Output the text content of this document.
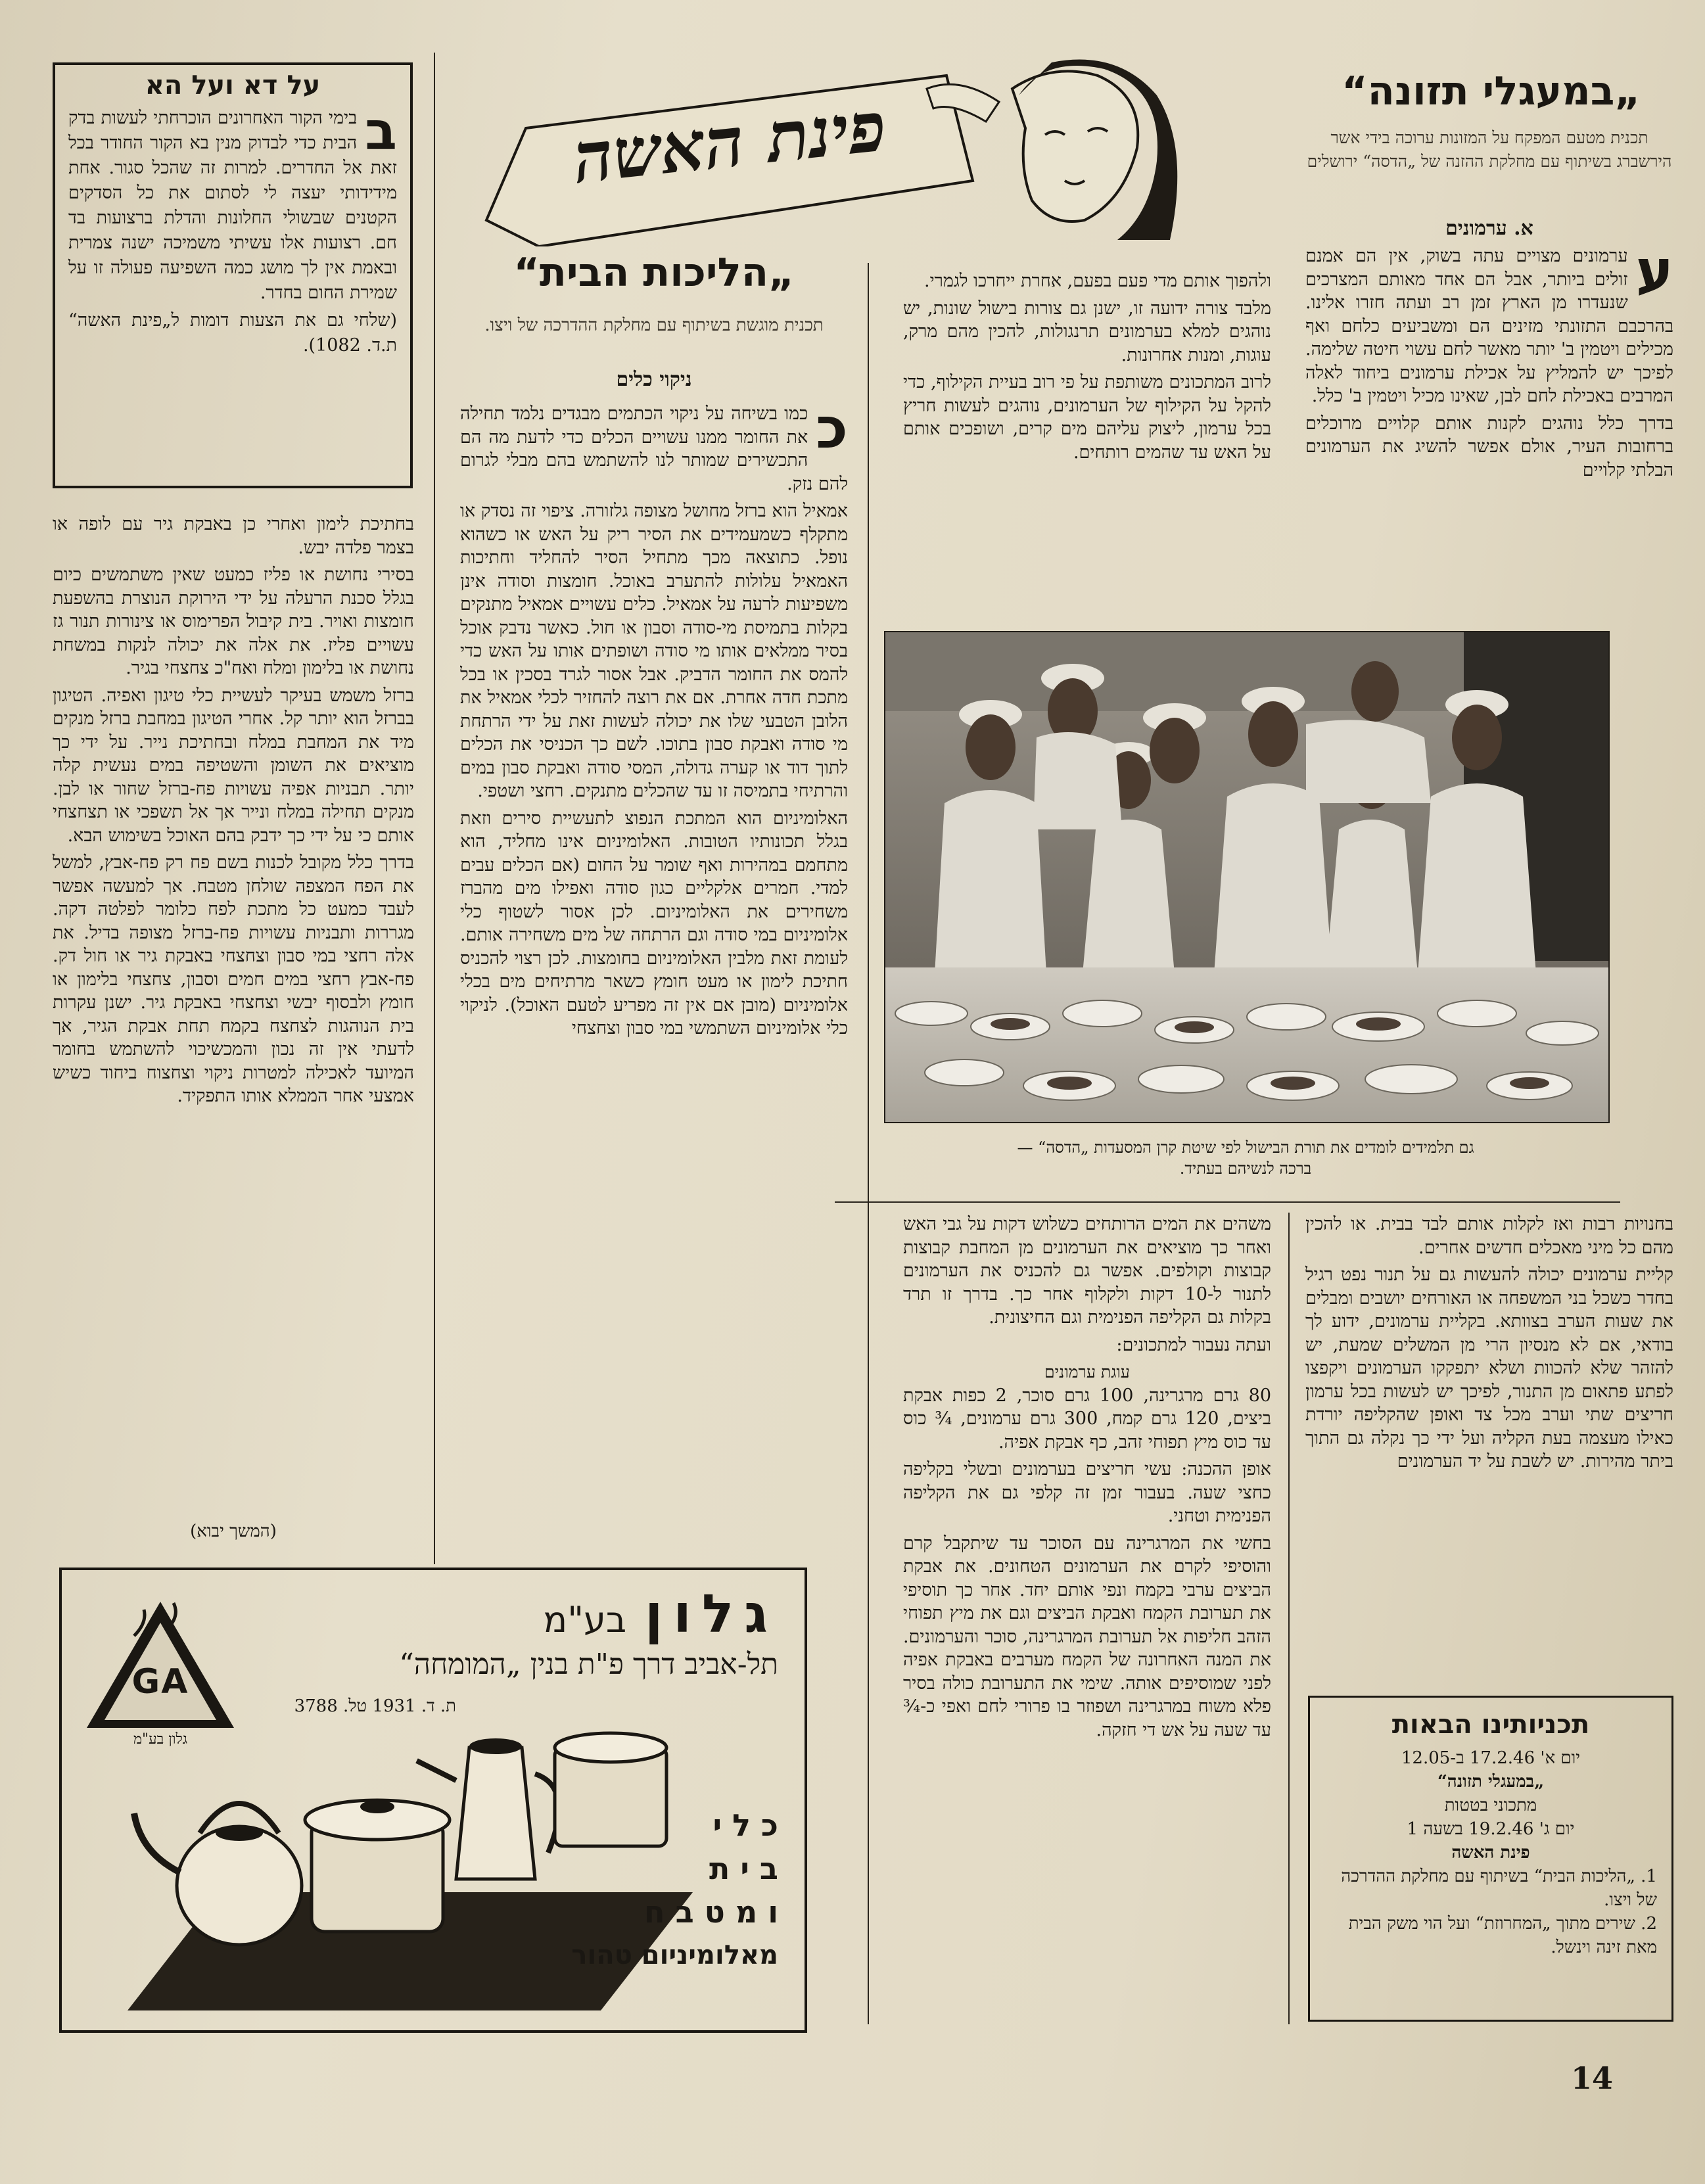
„במעגלי תזונה“
תכנית מטעם המפקח על המזונות ערוכה בידי אשר הירשברג בשיתוף עם מחלקת ההזנה של „הדסה“ ירושלים
א. ערמונים
ע

ערמונים מצויים עתה בשוק, אין הם אמנם זולים ביותר, אבל הם אחד מאותם המצרכים שנעדרו מן הארץ זמן רב ועתה חזרו אלינו. בהרכבם התזונתי מזינים הם ומשביעים כלחם ואף מכילים ויטמין ב' יותר מאשר לחם עשוי חיטה שלימה. לפיכך יש להמליץ על אכילת ערמונים ביחוד לאלה המרבים באכילת לחם לבן, שאינו מכיל ויטמין ב' כלל.

בדרך כלל נוהגים לקנות אותם קלויים מרוכלים ברחובות העיר, אולם אפשר להשיג את הערמונים הבלתי קלויים

ולהפוך אותם מדי פעם בפעם, אחרת ייחרכו לגמרי.

מלבד צורה ידועה זו, ישנן גם צורות בישול שונות, יש נוהגים למלא בערמונים תרנגולות, להכין מהם מרק, עוגות, ומנות אחרונות.

לרוב המתכונים משותפת על פי רוב בעיית הקילוף, כדי להקל על הקילוף של הערמונים, נוהגים לעשות חריץ בכל ערמון, ליצוק עליהם מים קרים, ושופכים אותם על האש עד שהמים רותחים.

גם תלמידים לומדים את תורת הבישול לפי שיטת קרן המסעדות „הדסה“ —
ברכה לנשיהם בעתיד.

בחנויות רבות ואז לקלות אותם לבד בבית. או להכין מהם כל מיני מאכלים חדשים אחרים.

קליית ערמונים יכולה להעשות גם על תנור נפט רגיל בחדר כשכל בני המשפחה או האורחים יושבים ומבלים את שעות הערב בצוותא. בקליית ערמונים, ידוע לך בודאי, אם לא מנסיון הרי מן המשלים שמעת, יש להזהר שלא להכוות ושלא יתפקקו הערמונים ויקפצו לפתע פתאום מן התנור, לפיכך יש לעשות בכל ערמון חריצים שתי וערב מכל צד ואופן שהקליפה יורדת כאילו מעצמה בעת הקליה ועל ידי כך נקלה גם התוך ביתר מהירות. יש לשבת על יד הערמונים

משהים את המים הרותחים כשלוש דקות על גבי האש ואחר כך מוציאים את הערמונים מן המחבת קבוצות קבוצות וקולפים. אפשר גם להכניס את הערמונים לתנור ל-10 דקות ולקלוף אחר כך. בדרך זו תרד בקלות גם הקליפה הפנימית וגם החיצונית.

ועתה נעבור למתכונים:

עוגת ערמונים

80 גרם מרגרינה, 100 גרם סוכר, 2 כפות אבקת ביצים, 120 גרם קמח, 300 גרם ערמונים, ¾ כוס עד כוס מיץ תפוחי זהב, כף אבקת אפיה.

אופן ההכנה: עשי חריצים בערמונים ובשלי בקליפה כחצי שעה. בעבור זמן זה קלפי גם את הקליפה הפנימית וטחני.

בחשי את המרגרינה עם הסוכר עד שיתקבל קרם והוסיפי לקרם את הערמונים הטחונים. את אבקת הביצים ערבי בקמח ונפי אותם יחד. אחר כך תוסיפי את תערובת הקמח ואבקת הביצים וגם את מיץ תפוחי הזהב חליפות אל תערובת המרגרינה, סוכר והערמונים. את המנה האחרונה של הקמח מערבים באבקת אפיה לפני שמוסיפים אותה. שימי את התערובת כולה בסיר פלא משוח במרגרינה ושפוזר בו פרורי לחם ואפי כ-¾ עד שעה על אש די חזקה.	תכניותינו הבאות
יום א' 17.2.46 ב-12.05
„במעגלי תזונה“
מתכוני בטטות
יום ג' 19.2.46 בשעה 1
פינת האשה
1. „הליכות הבית“ בשיתוף עם מחלקת ההדרכה של ויצו.
2. שירים מתוך „המחרוזת“ ועל הוי משק הבית מאת זינה וינשל.
פינת האשה
„הליכות הבית“
תכנית מוגשת בשיתוף עם מחלקת ההדרכה של ויצו.
ניקוי כלים
כ

כמו בשיחה על ניקוי הכתמים מבגדים נלמד תחילה את החומר ממנו עשויים הכלים כדי לדעת מה הם התכשירים שמותר לנו להשתמש בהם מבלי לגרום להם נזק.

אמאיל הוא ברזל מחושל מצופה גלזורה. ציפוי זה נסדק או מתקלף כשמעמידים את הסיר ריק על האש או כשהוא נופל. כתוצאה מכך מתחיל הסיר להחליד וחתיכות האמאיל עלולות להתערב באוכל. חומצות וסודה אינן משפיעות לרעה על אמאיל. כלים עשויים אמאיל מתנקים בקלות בתמיסת מי-סודה וסבון או חול. כאשר נדבק אוכל בסיר ממלאים אותו מי סודה ושופתים אותו על האש כדי להמס את החומר הדביק. אבל אסור לגרד בסכין או בכל מתכת חדה אחרת. אם את רוצה להחזיר לכלי אמאיל את הלובן הטבעי שלו את יכולה לעשות זאת על ידי הרתחת מי סודה ואבקת סבון בתוכו. לשם כך הכניסי את הכלים לתוך דוד או קערה גדולה, המסי סודה ואבקת סבון במים והרתיחי בתמיסה זו עד שהכלים מתנקים. רחצי ושטפי.

האלומיניום הוא המתכת הנפוצ לתעשיית סירים וזאת בגלל תכונותיו הטובות. האלומיניום אינו מחליד, הוא מתחמם במהירות ואף שומר על החום (אם הכלים עבים למדי. חמרים אלקליים כגון סודה ואפילו מים מהברז משחירים את האלומיניום. לכן אסור לשטוף כלי אלומיניום במי סודה וגם הרתחה של מים משחירה אותם. לעומת זאת מלבין האלומיניום בחומצות. לכן רצוי להכניס חתיכת לימון או מעט חומץ כשאר מרתיחים מים בכלי אלומיניום (מובן אם אין זה מפריע לטעם האוכל). לניקוי כלי אלומיניום השתמשי במי סבון וצחצחי

על דא ועל הא
ב
בימי הקור האחרונים הוכרחתי לעשות בדק הבית כדי לבדוק מנין בא הקור החודר בכל זאת אל החדרים. למרות זה שהכל סגור. אחת מידידותי יעצה לי לסתום את כל הסדקים הקטנים שבשולי החלונות והדלת ברצועות בד חם. רצועות אלו עשיתי משמיכה ישנה צמרית ובאמת אין לך מושג כמה השפיעה פעולה זו על שמירת החום בחדר.
(שלחי גם את הצעות דומות ל„פינת האשה“ ת.ד. 1082).

בחתיכת לימון ואחרי כן באבקת גיר עם לופה או בצמר פלדה יבש.

בסירי נחושת או פליז כמעט שאין משתמשים כיום בגלל סכנת הרעלה על ידי הירוקת הנוצרת בהשפעת חומצות ואויר. בית קיבול הפרימוס או צינורות תנור גז עשויים פליז. את אלה את יכולה לנקות במשחת נחושת או בלימון ומלח ואח"כ צחצחי בגיר.

ברזל משמש בעיקר לעשיית כלי טיגון ואפיה. הטיגון בברזל הוא יותר קל. אחרי הטיגון במחבת ברזל מנקים מיד את המחבת במלח ובחתיכת נייר. על ידי כך מוציאים את השומן והשטיפה במים נעשית קלה יותר. תבניות אפיה עשויות פח-ברזל שחור או לבן. מנקים תחילה במלח ונייר אך אל תשפכי או תצחצחי אותם כי על ידי כך ידבק בהם האוכל בשימוש הבא.

בדרך כלל מקובל לכנות בשם פח רק פח-אבץ, למשל את הפח המצפה שולחן מטבח. אך למעשה אפשר לעבד כמעט כל מתכת לפח כלומר לפלטה דקה. מגררות ותבניות עשויות פח-ברזל מצופה בדיל. את אלה רחצי במי סבון וצחצחי באבקת גיר או חול דק. פח-אבץ רחצי במים חמים וסבון, צחצחי בלימון או חומץ ולבסוף יבשי וצחצחי באבקת גיר. ישנן עקרות בית הנוהגות לצחצח בקמח תחת אבקת הגיר, אך לדעתי אין זה נכון והמכשיכוי להשתמש בחומר המיועד לאכילה למטרות ניקוי וצחצוח ביחוד כשיש אמצעי אחר הממלא אותו התפקיד.

(המשך יבוא)
גלון בע"מ
תל-אביב דרך פ"ת בנין „המומחה“
ת. ד. 1931 טל. 3788
GA
גלון בע"מ
כ ל י
ב י ת
ו מ ט ב ח
מאלומיניום טהור
14
